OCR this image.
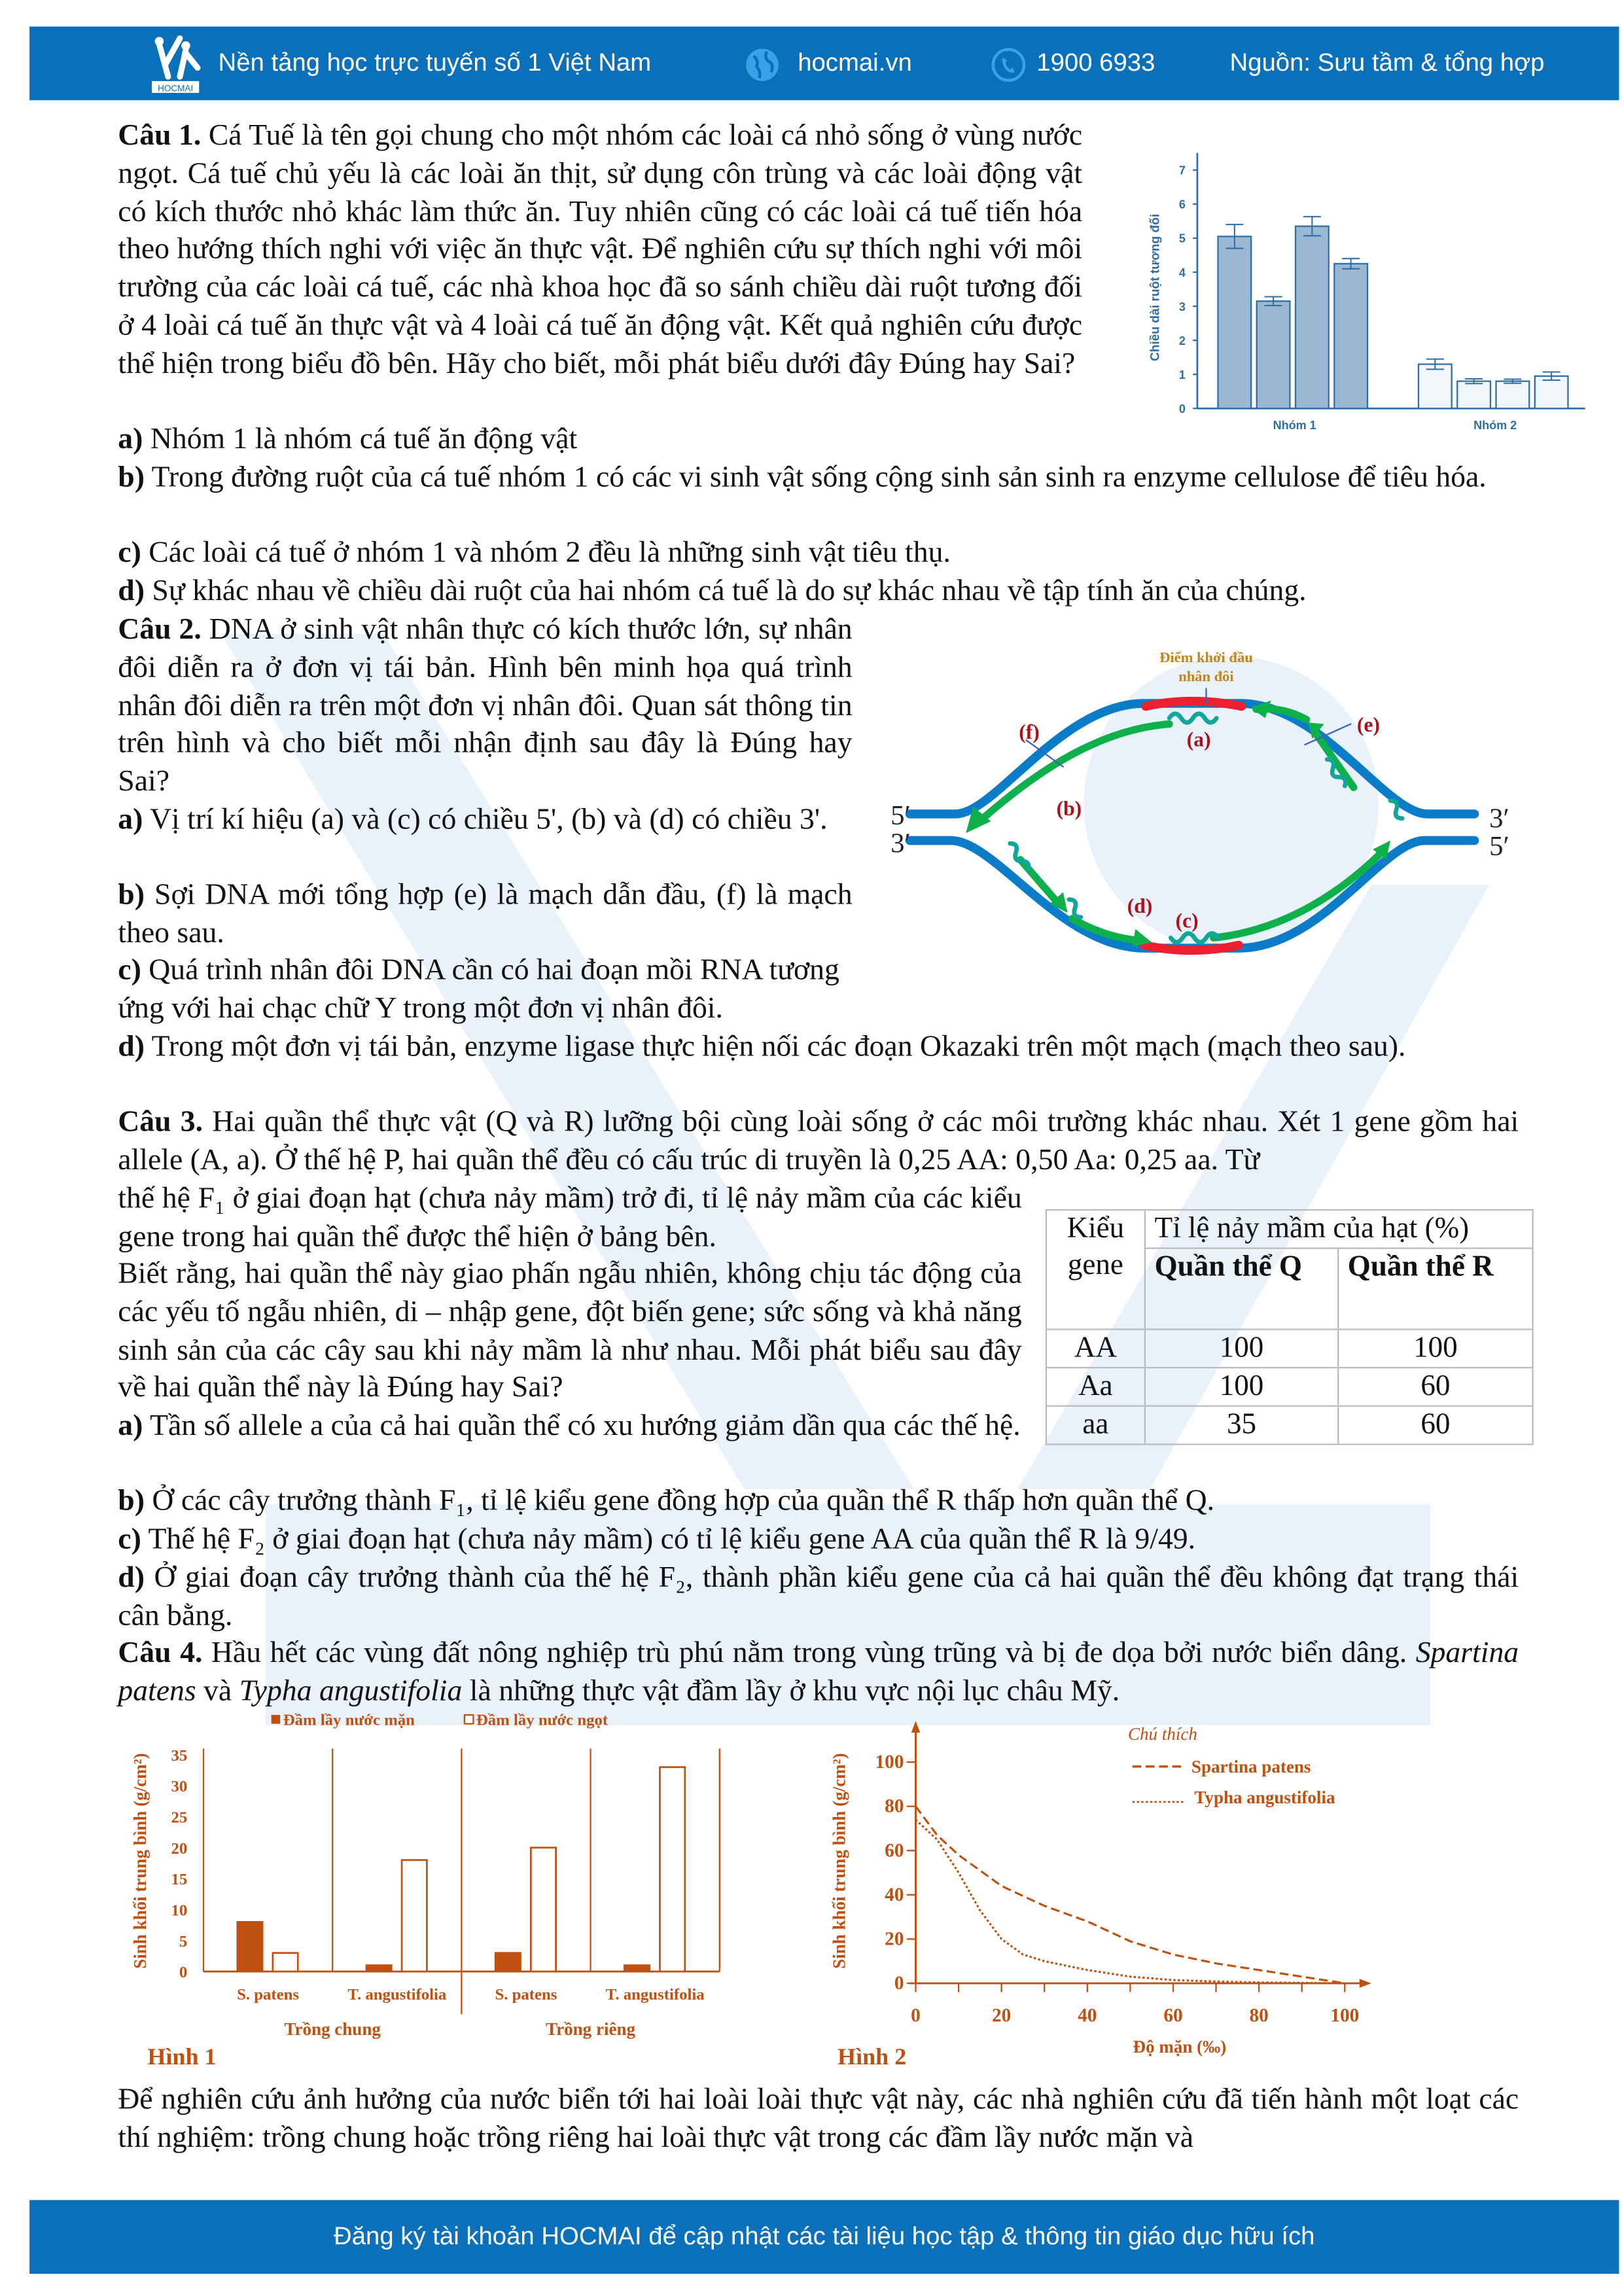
HOCMAI
Nền tảng học trực tuyến số 1 Việt Nam	hocmai.vn	1900 6933	Nguồn: Sưu tầm & tổng hợp
Câu 1. Cá Tuế là tên gọi chung cho một nhóm các loài cá nhỏ sống ở vùng nước ngọt. Cá tuế chủ yếu là các loài ăn thịt, sử dụng côn trùng và các loài động vật có kích thước nhỏ khác làm thức ăn. Tuy nhiên cũng có các loài cá tuế tiến hóa theo hướng thích nghi với việc ăn thực vật. Để nghiên cứu sự thích nghi với môi trường của các loài cá tuế, các nhà khoa học đã so sánh chiều dài ruột tương đối ở 4 loài cá tuế ăn thực vật và 4 loài cá tuế ăn động vật. Kết quả nghiên cứu được thể hiện trong biểu đồ bên. Hãy cho biết, mỗi phát biểu dưới đây Đúng hay Sai?
a) Nhóm 1 là nhóm cá tuế ăn động vật
b) Trong đường ruột của cá tuế nhóm 1 có các vi sinh vật sống cộng sinh sản sinh ra enzyme cellulose để tiêu hóa.
c) Các loài cá tuế ở nhóm 1 và nhóm 2 đều là những sinh vật tiêu thụ.
d) Sự khác nhau về chiều dài ruột của hai nhóm cá tuế là do sự khác nhau về tập tính ăn của chúng.
Câu 2. DNA ở sinh vật nhân thực có kích thước lớn, sự nhân đôi diễn ra ở đơn vị tái bản. Hình bên minh họa quá trình nhân đôi diễn ra trên một đơn vị nhân đôi. Quan sát thông tin trên hình và cho biết mỗi nhận định sau đây là Đúng hay Sai?
a) Vị trí kí hiệu (a) và (c) có chiều 5', (b) và (d) có chiều 3'.
b) Sợi DNA mới tổng hợp (e) là mạch dẫn đầu, (f) là mạch theo sau.
c) Quá trình nhân đôi DNA cần có hai đoạn mồi RNA tương ứng với hai chạc chữ Y trong một đơn vị nhân đôi.
d) Trong một đơn vị tái bản, enzyme ligase thực hiện nối các đoạn Okazaki trên một mạch (mạch theo sau).
Câu 3. Hai quần thể thực vật (Q và R) lưỡng bội cùng loài sống ở các môi trường khác nhau. Xét 1 gene gồm hai allele (A, a). Ở thế hệ P, hai quần thể đều có cấu trúc di truyền là 0,25 AA: 0,50 Aa: 0,25 aa. Từ
thế hệ F₁ ở giai đoạn hạt (chưa nảy mầm) trở đi, tỉ lệ nảy mầm của các kiểu gene trong hai quần thể được thể hiện ở bảng bên.
Biết rằng, hai quần thể này giao phấn ngẫu nhiên, không chịu tác động của các yếu tố ngẫu nhiên, di – nhập gene, đột biến gene; sức sống và khả năng sinh sản của các cây sau khi nảy mầm là như nhau. Mỗi phát biểu sau đây về hai quần thể này là Đúng hay Sai?
a) Tần số allele a của cả hai quần thể có xu hướng giảm dần qua các thế hệ.
b) Ở các cây trưởng thành F₁, tỉ lệ kiểu gene đồng hợp của quần thể R thấp hơn quần thể Q.
c) Thế hệ F₂ ở giai đoạn hạt (chưa nảy mầm) có tỉ lệ kiểu gene AA của quần thể R là 9/49.
d) Ở giai đoạn cây trưởng thành của thế hệ F₂, thành phần kiểu gene của cả hai quần thể đều không đạt trạng thái cân bằng.
Kiểu
gene	Tỉ lệ nảy mầm của hạt (%)	
	Quần thể Q	Quần thể R
AA	100	100
Aa	100	60
aa	35	60
Câu 4. Hầu hết các vùng đất nông nghiệp trù phú nằm trong vùng trũng và bị đe dọa bởi nước biển dâng. Spartina patens và Typha angustifolia là những thực vật đầm lầy ở khu vực nội lục châu Mỹ.
Để nghiên cứu ảnh hưởng của nước biển tới hai loài loài thực vật này, các nhà nghiên cứu đã tiến hành một loạt các thí nghiệm: trồng chung hoặc trồng riêng hai loài thực vật trong các đầm lầy nước mặn và
0
1
2
3
4
5
6
7
Chiều dài ruột tương đối
Nhóm 1	Nhóm 2
0
5
10
15
20
25
30
35
Sinh khối trung bình (g/cm²)
S. patens	T. angustifolia
Trồng chung
S. patens	T. angustifolia
Trồng riêng
Đầm lầy nước mặn	Đầm lầy nước ngọt
Hình 1
0	20	40	60	80	100
0
20
40
60
80
100
Sinh khối trung bình (g/cm²)
Độ mặn (‰)
Chú thích
Spartina patens
Typha angustifolia
Hình 2
Điểm khởi đầu
nhân đôi
(a)
(b)
(c)
(d)
(e)
(f)
5′
3′
3′
5′
Đăng ký tài khoản HOCMAI để cập nhật các tài liệu học tập & thông tin giáo dục hữu ích
